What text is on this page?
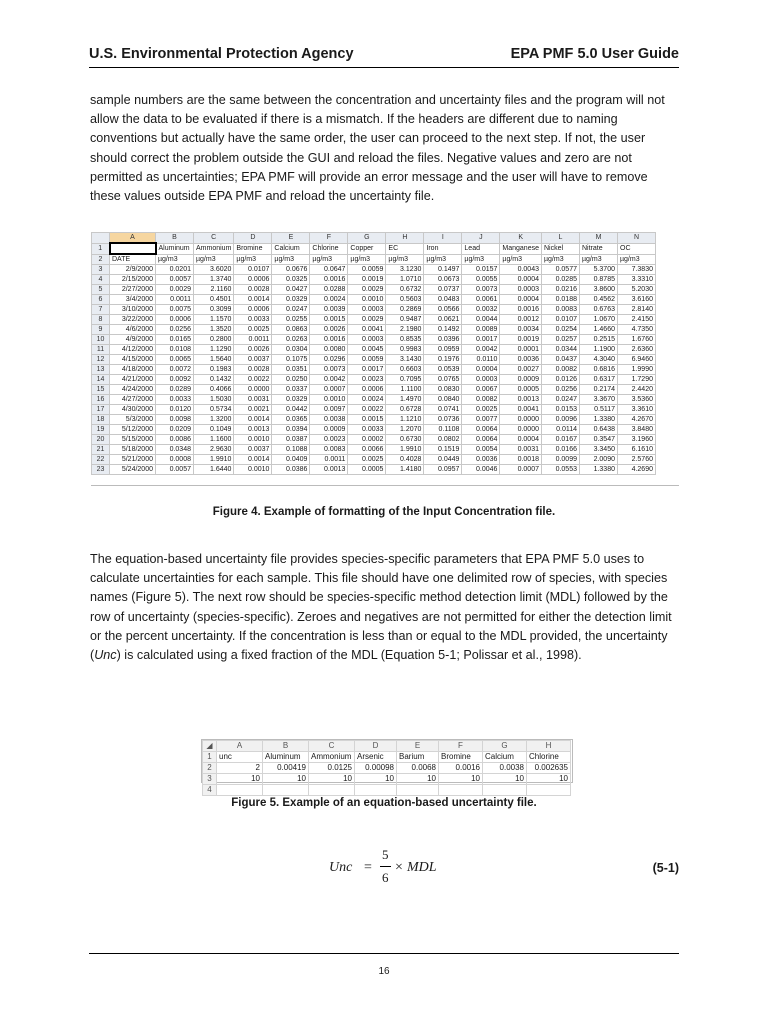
U.S. Environmental Protection Agency	EPA PMF 5.0 User Guide
sample numbers are the same between the concentration and uncertainty files and the program will not allow the data to be evaluated if there is a mismatch. If the headers are different due to naming conventions but actually have the same order, the user can proceed to the next step. If not, the user should correct the problem outside the GUI and reload the files. Negative values and zero are not permitted as uncertainties; EPA PMF will provide an error message and the user will have to remove these values outside EPA PMF and reload the uncertainty file.
	A	B	C	D	E	F	G	H	I	J	K	L	M	N
1		Aluminum	Ammonium	Bromine	Calcium	Chlorine	Copper	EC	Iron	Lead	Manganese	Nickel	Nitrate	OC
2	DATE	µg/m3	µg/m3	µg/m3	µg/m3	µg/m3	µg/m3	µg/m3	µg/m3	µg/m3	µg/m3	µg/m3	µg/m3	µg/m3
3	2/9/2000	0.0201	3.6020	0.0107	0.0676	0.0647	0.0059	3.1230	0.1497	0.0157	0.0043	0.0577	5.3700	7.3830
4	2/15/2000	0.0057	1.3740	0.0006	0.0325	0.0016	0.0019	1.0710	0.0673	0.0055	0.0004	0.0285	0.8785	3.3310
5	2/27/2000	0.0029	2.1160	0.0028	0.0427	0.0288	0.0029	0.6732	0.0737	0.0073	0.0003	0.0216	3.8600	5.2030
6	3/4/2000	0.0011	0.4501	0.0014	0.0329	0.0024	0.0010	0.5603	0.0483	0.0061	0.0004	0.0188	0.4562	3.6160
7	3/10/2000	0.0075	0.3099	0.0006	0.0247	0.0039	0.0003	0.2869	0.0566	0.0032	0.0016	0.0083	0.6763	2.8140
8	3/22/2000	0.0006	1.1570	0.0033	0.0255	0.0015	0.0029	0.9487	0.0621	0.0044	0.0012	0.0107	1.0670	2.4150
9	4/6/2000	0.0256	1.3520	0.0025	0.0863	0.0026	0.0041	2.1980	0.1492	0.0089	0.0034	0.0254	1.4660	4.7350
10	4/9/2000	0.0165	0.2800	0.0011	0.0263	0.0016	0.0003	0.8535	0.0396	0.0017	0.0019	0.0257	0.2515	1.6760
11	4/12/2000	0.0108	1.1290	0.0026	0.0304	0.0080	0.0045	0.9983	0.0959	0.0042	0.0001	0.0344	1.1900	2.6360
12	4/15/2000	0.0065	1.5640	0.0037	0.1075	0.0296	0.0059	3.1430	0.1976	0.0110	0.0036	0.0437	4.3040	6.9460
13	4/18/2000	0.0072	0.1983	0.0028	0.0351	0.0073	0.0017	0.6603	0.0539	0.0004	0.0027	0.0082	0.6816	1.9990
14	4/21/2000	0.0092	0.1432	0.0022	0.0250	0.0042	0.0023	0.7095	0.0765	0.0003	0.0009	0.0126	0.6317	1.7290
15	4/24/2000	0.0289	0.4066	0.0000	0.0337	0.0007	0.0006	1.1100	0.0830	0.0067	0.0005	0.0256	0.2174	2.4420
16	4/27/2000	0.0033	1.5030	0.0031	0.0329	0.0010	0.0024	1.4970	0.0840	0.0082	0.0013	0.0247	3.3670	3.5360
17	4/30/2000	0.0120	0.5734	0.0021	0.0442	0.0097	0.0022	0.6728	0.0741	0.0025	0.0041	0.0153	0.5117	3.3610
18	5/3/2000	0.0098	1.3200	0.0014	0.0365	0.0038	0.0015	1.1210	0.0736	0.0077	0.0000	0.0096	1.3380	4.2670
19	5/12/2000	0.0209	0.1049	0.0013	0.0394	0.0009	0.0033	1.2070	0.1108	0.0064	0.0000	0.0114	0.6438	3.8480
20	5/15/2000	0.0086	1.1600	0.0010	0.0387	0.0023	0.0002	0.6730	0.0802	0.0064	0.0004	0.0167	0.3547	3.1960
21	5/18/2000	0.0348	2.9630	0.0037	0.1088	0.0083	0.0066	1.9910	0.1519	0.0054	0.0031	0.0166	3.3450	6.1610
22	5/21/2000	0.0008	1.9910	0.0014	0.0409	0.0011	0.0025	0.4028	0.0449	0.0036	0.0018	0.0099	2.0090	2.5760
23	5/24/2000	0.0057	1.6440	0.0010	0.0386	0.0013	0.0005	1.4180	0.0957	0.0046	0.0007	0.0553	1.3380	4.2690
Figure 4. Example of formatting of the Input Concentration file.
The equation-based uncertainty file provides species-specific parameters that EPA PMF 5.0 uses to calculate uncertainties for each sample. This file should have one delimited row of species, with species names (Figure 5). The next row should be species-specific method detection limit (MDL) followed by the row of uncertainty (species-specific). Zeroes and negatives are not permitted for either the detection limit or the percent uncertainty. If the concentration is less than or equal to the MDL provided, the uncertainty (Unc) is calculated using a fixed fraction of the MDL (Equation 5-1; Polissar et al., 1998).
◢	A	B	C	D	E	F	G	H
1	unc	Aluminum	Ammonium	Arsenic	Barium	Bromine	Calcium	Chlorine
2	2	0.00419	0.0125	0.00098	0.0068	0.0016	0.0038	0.002635
3	10	10	10	10	10	10	10	10
4								
Figure 5. Example of an equation-based uncertainty file.
Unc =
5
6
× MDL	(5-1)
16
